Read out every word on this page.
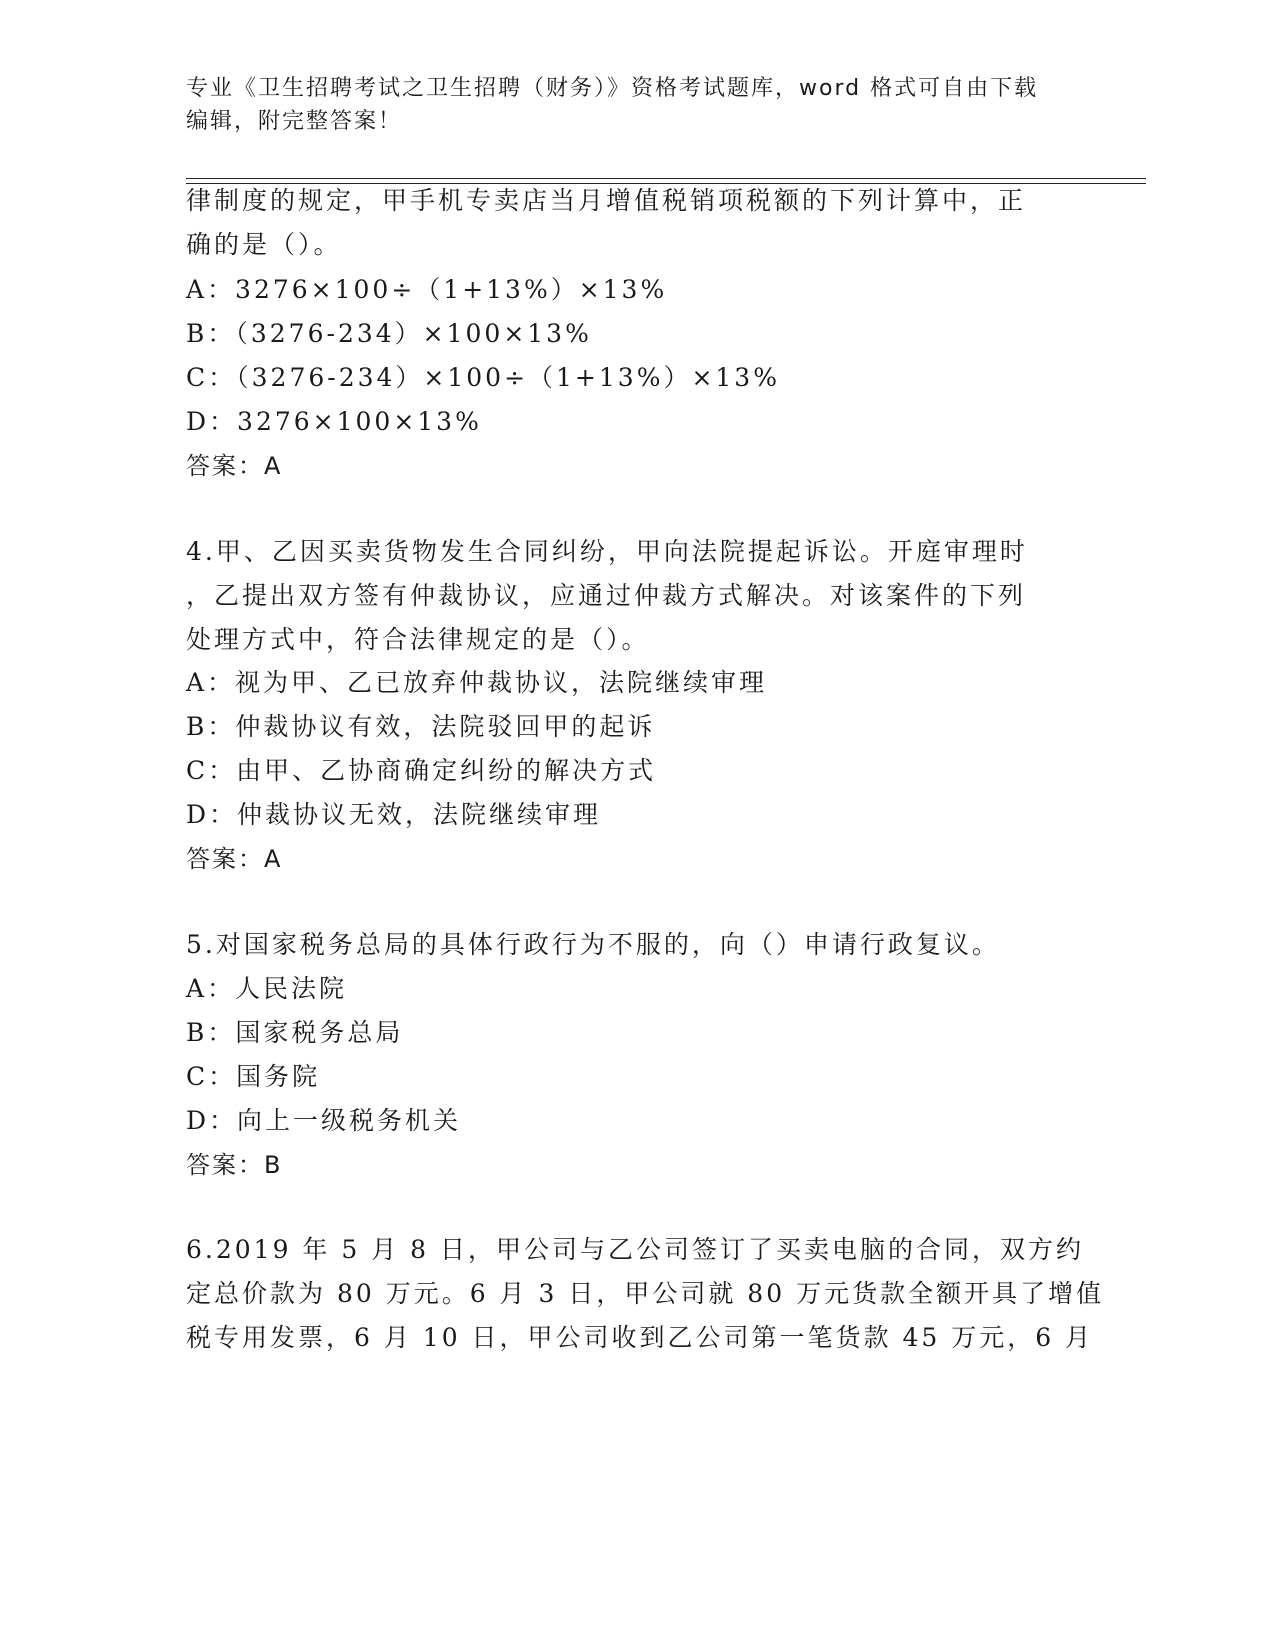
专业《卫生招聘考试之卫生招聘（财务）》资格考试题库，word 格式可自由下载
编辑，附完整答案！
律制度的规定，甲手机专卖店当月增值税销项税额的下列计算中，正
确的是（）。
A：3276×100÷（1+13%）×13%
B：（3276-234）×100×13%
C：（3276-234）×100÷（1+13%）×13%
D：3276×100×13%
答案：A
4.甲、乙因买卖货物发生合同纠纷，甲向法院提起诉讼。开庭审理时
，乙提出双方签有仲裁协议，应通过仲裁方式解决。对该案件的下列
处理方式中，符合法律规定的是（）。
A：视为甲、乙已放弃仲裁协议，法院继续审理
B：仲裁协议有效，法院驳回甲的起诉
C：由甲、乙协商确定纠纷的解决方式
D：仲裁协议无效，法院继续审理
答案：A
5.对国家税务总局的具体行政行为不服的，向（）申请行政复议。
A：人民法院
B：国家税务总局
C：国务院
D：向上一级税务机关
答案：B
6.2019 年 5 月 8 日，甲公司与乙公司签订了买卖电脑的合同，双方约
定总价款为 80 万元。6 月 3 日，甲公司就 80 万元货款全额开具了增值
税专用发票，6 月 10 日，甲公司收到乙公司第一笔货款 45 万元，6 月
